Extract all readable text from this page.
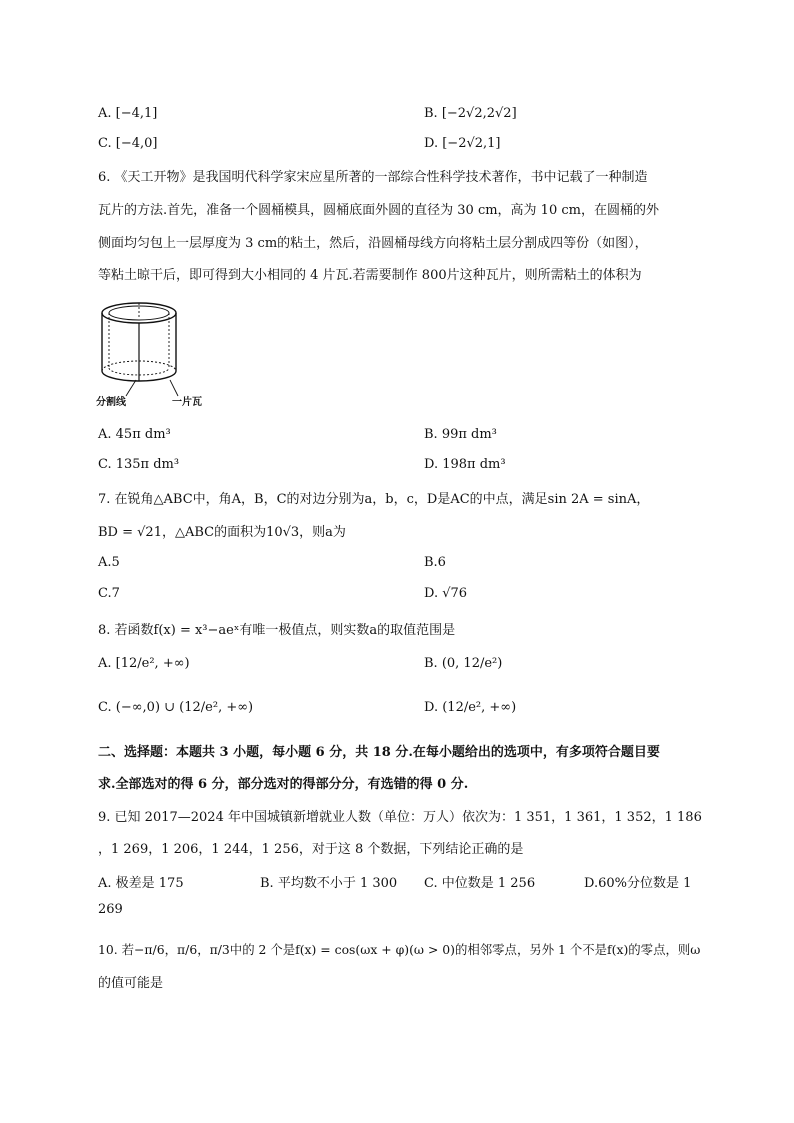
A. [−4,1]	B. [−2√2,2√2]
C. [−4,0]	D. [−2√2,1]
6. 《天工开物》是我国明代科学家宋应星所著的一部综合性科学技术著作，书中记载了一种制造
瓦片的方法.首先，准备一个圆桶模具，圆桶底面外圆的直径为 30 cm，高为 10 cm，在圆桶的外
侧面均匀包上一层厚度为 3 cm的粘土，然后，沿圆桶母线方向将粘土层分割成四等份（如图），
等粘土晾干后，即可得到大小相同的 4 片瓦.若需要制作 800片这种瓦片，则所需粘土的体积为
分割线	一片瓦
A. 45π dm³	B. 99π dm³
C. 135π dm³	D. 198π dm³
7. 在锐角△ABC中，角A，B，C的对边分别为a，b，c，D是AC的中点，满足sin 2A = sinA，
BD = √21，△ABC的面积为10√3，则a为
A.5	B.6
C.7	D. √76
8. 若函数f(x) = x³−aeˣ有唯一极值点，则实数a的取值范围是
A. [12/e², +∞)	B. (0, 12/e²)
C. (−∞,0) ∪ (12/e², +∞)	D. (12/e², +∞)
二、选择题：本题共 3 小题，每小题 6 分，共 18 分.在每小题给出的选项中，有多项符合题目要
求.全部选对的得 6 分，部分选对的得部分分，有选错的得 0 分.
9. 已知 2017—2024 年中国城镇新增就业人数（单位：万人）依次为：1 351，1 361，1 352，1 186
，1 269，1 206，1 244，1 256，对于这 8 个数据，下列结论正确的是
A. 极差是 175	B. 平均数不小于 1 300 C. 中位数是 1 256	D.60%分位数是 1
269
10. 若−π/6，π/6，π/3中的 2 个是f(x) = cos(ωx + φ)(ω > 0)的相邻零点，另外 1 个不是f(x)的零点，则ω
的值可能是
